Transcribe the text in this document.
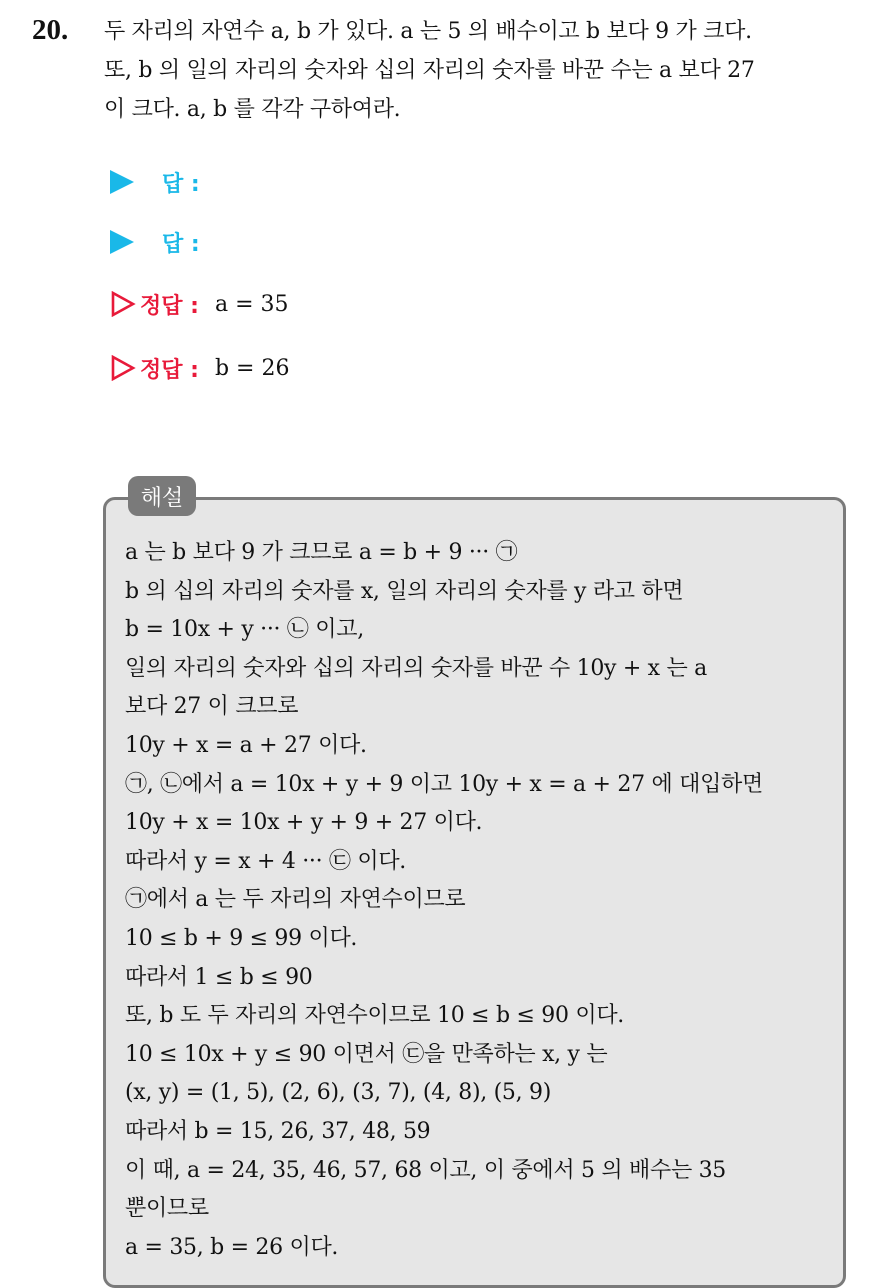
20. 두 자리의 자연수 a, b 가 있다. a 는 5 의 배수이고 b 보다 9 가 크다.
또, b 의 일의 자리의 숫자와 십의 자리의 숫자를 바꾼 수는 a 보다 27
이 크다. a, b 를 각각 구하여라.
답 :
답 :
정답 : a = 35
정답 : b = 26
해설
a 는 b 보다 9 가 크므로 a = b + 9 ··· ㉠
b 의 십의 자리의 숫자를 x, 일의 자리의 숫자를 y 라고 하면
b = 10x + y ··· ㉡ 이고,
일의 자리의 숫자와 십의 자리의 숫자를 바꾼 수 10y + x 는 a
보다 27 이 크므로
10y + x = a + 27 이다.
㉠, ㉡에서 a = 10x + y + 9 이고 10y + x = a + 27 에 대입하면
10y + x = 10x + y + 9 + 27 이다.
따라서 y = x + 4 ··· ㉢ 이다.
㉠에서 a 는 두 자리의 자연수이므로
10 ≤ b + 9 ≤ 99 이다.
따라서 1 ≤ b ≤ 90
또, b 도 두 자리의 자연수이므로 10 ≤ b ≤ 90 이다.
10 ≤ 10x + y ≤ 90 이면서 ㉢을 만족하는 x, y 는
(x, y) = (1, 5), (2, 6), (3, 7), (4, 8), (5, 9)
따라서 b = 15, 26, 37, 48, 59
이 때, a = 24, 35, 46, 57, 68 이고, 이 중에서 5 의 배수는 35
뿐이므로
a = 35, b = 26 이다.
